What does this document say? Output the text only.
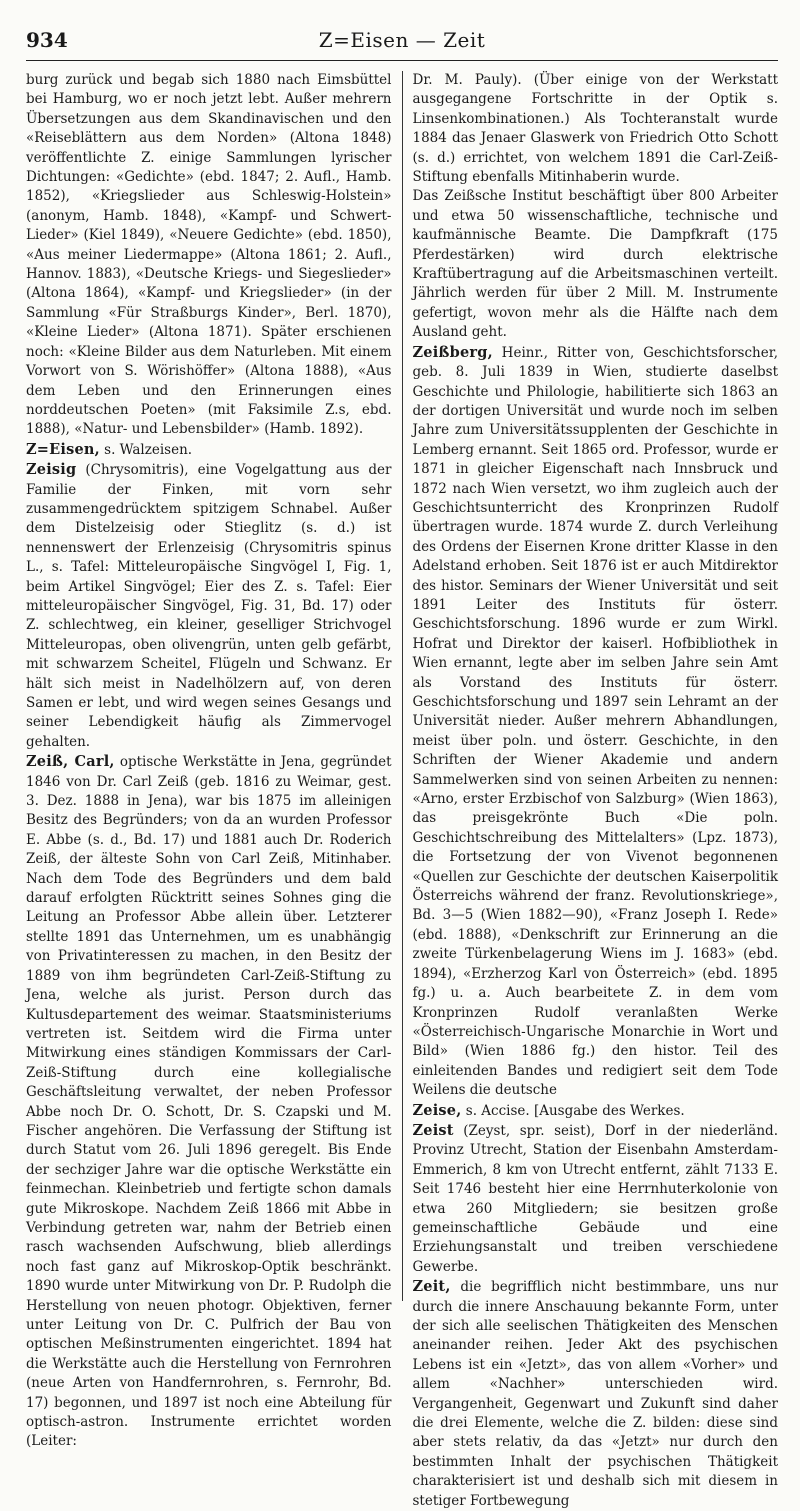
934	Z=Eisen — Zeit

burg zurück und begab sich 1880 nach Eimsbüttel bei Hamburg, wo er noch jetzt lebt. Außer mehrern Übersetzungen aus dem Skandinavischen und den «Reiseblättern aus dem Norden» (Altona 1848) veröffentlichte Z. einige Sammlungen lyrischer Dichtungen: «Gedichte» (ebd. 1847; 2. Aufl., Hamb. 1852), «Kriegslieder aus Schleswig-Holstein» (anonym, Hamb. 1848), «Kampf- und Schwert-Lieder» (Kiel 1849), «Neuere Gedichte» (ebd. 1850), «Aus meiner Liedermappe» (Altona 1861; 2. Aufl., Hannov. 1883), «Deutsche Kriegs- und Siegeslieder» (Altona 1864), «Kampf- und Kriegslieder» (in der Sammlung «Für Straßburgs Kinder», Berl. 1870), «Kleine Lieder» (Altona 1871). Später erschienen noch: «Kleine Bilder aus dem Naturleben. Mit einem Vorwort von S. Wörishöffer» (Altona 1888), «Aus dem Leben und den Erinnerungen eines norddeutschen Poeten» (mit Faksimile Z.s, ebd. 1888), «Natur- und Lebensbilder» (Hamb. 1892).

Z=Eisen, s. Walzeisen.

Zeisig (Chrysomitris), eine Vogelgattung aus der Familie der Finken, mit vorn sehr zusammengedrücktem spitzigem Schnabel. Außer dem Distelzeisig oder Stieglitz (s. d.) ist nennenswert der Erlenzeisig (Chrysomitris spinus L., s. Tafel: Mitteleuropäische Singvögel I, Fig. 1, beim Artikel Singvögel; Eier des Z. s. Tafel: Eier mitteleuropäischer Singvögel, Fig. 31, Bd. 17) oder Z. schlechtweg, ein kleiner, geselliger Strichvogel Mitteleuropas, oben olivengrün, unten gelb gefärbt, mit schwarzem Scheitel, Flügeln und Schwanz. Er hält sich meist in Nadelhölzern auf, von deren Samen er lebt, und wird wegen seines Gesangs und seiner Lebendigkeit häufig als Zimmervogel gehalten.

Zeiß, Carl, optische Werkstätte in Jena, gegründet 1846 von Dr. Carl Zeiß (geb. 1816 zu Weimar, gest. 3. Dez. 1888 in Jena), war bis 1875 im alleinigen Besitz des Begründers; von da an wurden Professor E. Abbe (s. d., Bd. 17) und 1881 auch Dr. Roderich Zeiß, der älteste Sohn von Carl Zeiß, Mitinhaber. Nach dem Tode des Begründers und dem bald darauf erfolgten Rücktritt seines Sohnes ging die Leitung an Professor Abbe allein über. Letzterer stellte 1891 das Unternehmen, um es unabhängig von Privatinteressen zu machen, in den Besitz der 1889 von ihm begründeten Carl-Zeiß-Stiftung zu Jena, welche als jurist. Person durch das Kultusdepartement des weimar. Staatsministeriums vertreten ist. Seitdem wird die Firma unter Mitwirkung eines ständigen Kommissars der Carl-Zeiß-Stiftung durch eine kollegialische Geschäftsleitung verwaltet, der neben Professor Abbe noch Dr. O. Schott, Dr. S. Czapski und M. Fischer angehören. Die Verfassung der Stiftung ist durch Statut vom 26. Juli 1896 geregelt. Bis Ende der sechziger Jahre war die optische Werkstätte ein feinmechan. Kleinbetrieb und fertigte schon damals gute Mikroskope. Nachdem Zeiß 1866 mit Abbe in Verbindung getreten war, nahm der Betrieb einen rasch wachsenden Aufschwung, blieb allerdings noch fast ganz auf Mikroskop-Optik beschränkt. 1890 wurde unter Mitwirkung von Dr. P. Rudolph die Herstellung von neuen photogr. Objektiven, ferner unter Leitung von Dr. C. Pulfrich der Bau von optischen Meßinstrumenten eingerichtet. 1894 hat die Werkstätte auch die Herstellung von Fernrohren (neue Arten von Handfernrohren, s. Fernrohr, Bd. 17) begonnen, und 1897 ist noch eine Abteilung für optisch-astron. Instrumente errichtet worden (Leiter:

Dr. M. Pauly). (Über einige von der Werkstatt ausgegangene Fortschritte in der Optik s. Linsenkombinationen.) Als Tochteranstalt wurde 1884 das Jenaer Glaswerk von Friedrich Otto Schott (s. d.) errichtet, von welchem 1891 die Carl-Zeiß-Stiftung ebenfalls Mitinhaberin wurde.

Das Zeißsche Institut beschäftigt über 800 Arbeiter und etwa 50 wissenschaftliche, technische und kaufmännische Beamte. Die Dampfkraft (175 Pferdestärken) wird durch elektrische Kraftübertragung auf die Arbeitsmaschinen verteilt. Jährlich werden für über 2 Mill. M. Instrumente gefertigt, wovon mehr als die Hälfte nach dem Ausland geht.

Zeißberg, Heinr., Ritter von, Geschichtsforscher, geb. 8. Juli 1839 in Wien, studierte daselbst Geschichte und Philologie, habilitierte sich 1863 an der dortigen Universität und wurde noch im selben Jahre zum Universitätssupplenten der Geschichte in Lemberg ernannt. Seit 1865 ord. Professor, wurde er 1871 in gleicher Eigenschaft nach Innsbruck und 1872 nach Wien versetzt, wo ihm zugleich auch der Geschichtsunterricht des Kronprinzen Rudolf übertragen wurde. 1874 wurde Z. durch Verleihung des Ordens der Eisernen Krone dritter Klasse in den Adelstand erhoben. Seit 1876 ist er auch Mitdirektor des histor. Seminars der Wiener Universität und seit 1891 Leiter des Instituts für österr. Geschichtsforschung. 1896 wurde er zum Wirkl. Hofrat und Direktor der kaiserl. Hofbibliothek in Wien ernannt, legte aber im selben Jahre sein Amt als Vorstand des Instituts für österr. Geschichtsforschung und 1897 sein Lehramt an der Universität nieder. Außer mehrern Abhandlungen, meist über poln. und österr. Geschichte, in den Schriften der Wiener Akademie und andern Sammelwerken sind von seinen Arbeiten zu nennen: «Arno, erster Erzbischof von Salzburg» (Wien 1863), das preisgekrönte Buch «Die poln. Geschichtschreibung des Mittelalters» (Lpz. 1873), die Fortsetzung der von Vivenot begonnenen «Quellen zur Geschichte der deutschen Kaiserpolitik Österreichs während der franz. Revolutionskriege», Bd. 3—5 (Wien 1882—90), «Franz Joseph I. Rede» (ebd. 1888), «Denkschrift zur Erinnerung an die zweite Türkenbelagerung Wiens im J. 1683» (ebd. 1894), «Erzherzog Karl von Österreich» (ebd. 1895 fg.) u. a. Auch bearbeitete Z. in dem vom Kronprinzen Rudolf veranlaßten Werke «Österreichisch-Ungarische Monarchie in Wort und Bild» (Wien 1886 fg.) den histor. Teil des einleitenden Bandes und redigiert seit dem Tode Weilens die deutsche

Zeise, s. Accise. [Ausgabe des Werkes.

Zeist (Zeyst, spr. seist), Dorf in der niederländ. Provinz Utrecht, Station der Eisenbahn Amsterdam-Emmerich, 8 km von Utrecht entfernt, zählt 7133 E. Seit 1746 besteht hier eine Herrnhuterkolonie von etwa 260 Mitgliedern; sie besitzen große gemeinschaftliche Gebäude und eine Erziehungsanstalt und treiben verschiedene Gewerbe.

Zeit, die begrifflich nicht bestimmbare, uns nur durch die innere Anschauung bekannte Form, unter der sich alle seelischen Thätigkeiten des Menschen aneinander reihen. Jeder Akt des psychischen Lebens ist ein «Jetzt», das von allem «Vorher» und allem «Nachher» unterschieden wird. Vergangenheit, Gegenwart und Zukunft sind daher die drei Elemente, welche die Z. bilden: diese sind aber stets relativ, da das «Jetzt» nur durch den bestimmten Inhalt der psychischen Thätigkeit charakterisiert ist und deshalb sich mit diesem in stetiger Fortbewegung
